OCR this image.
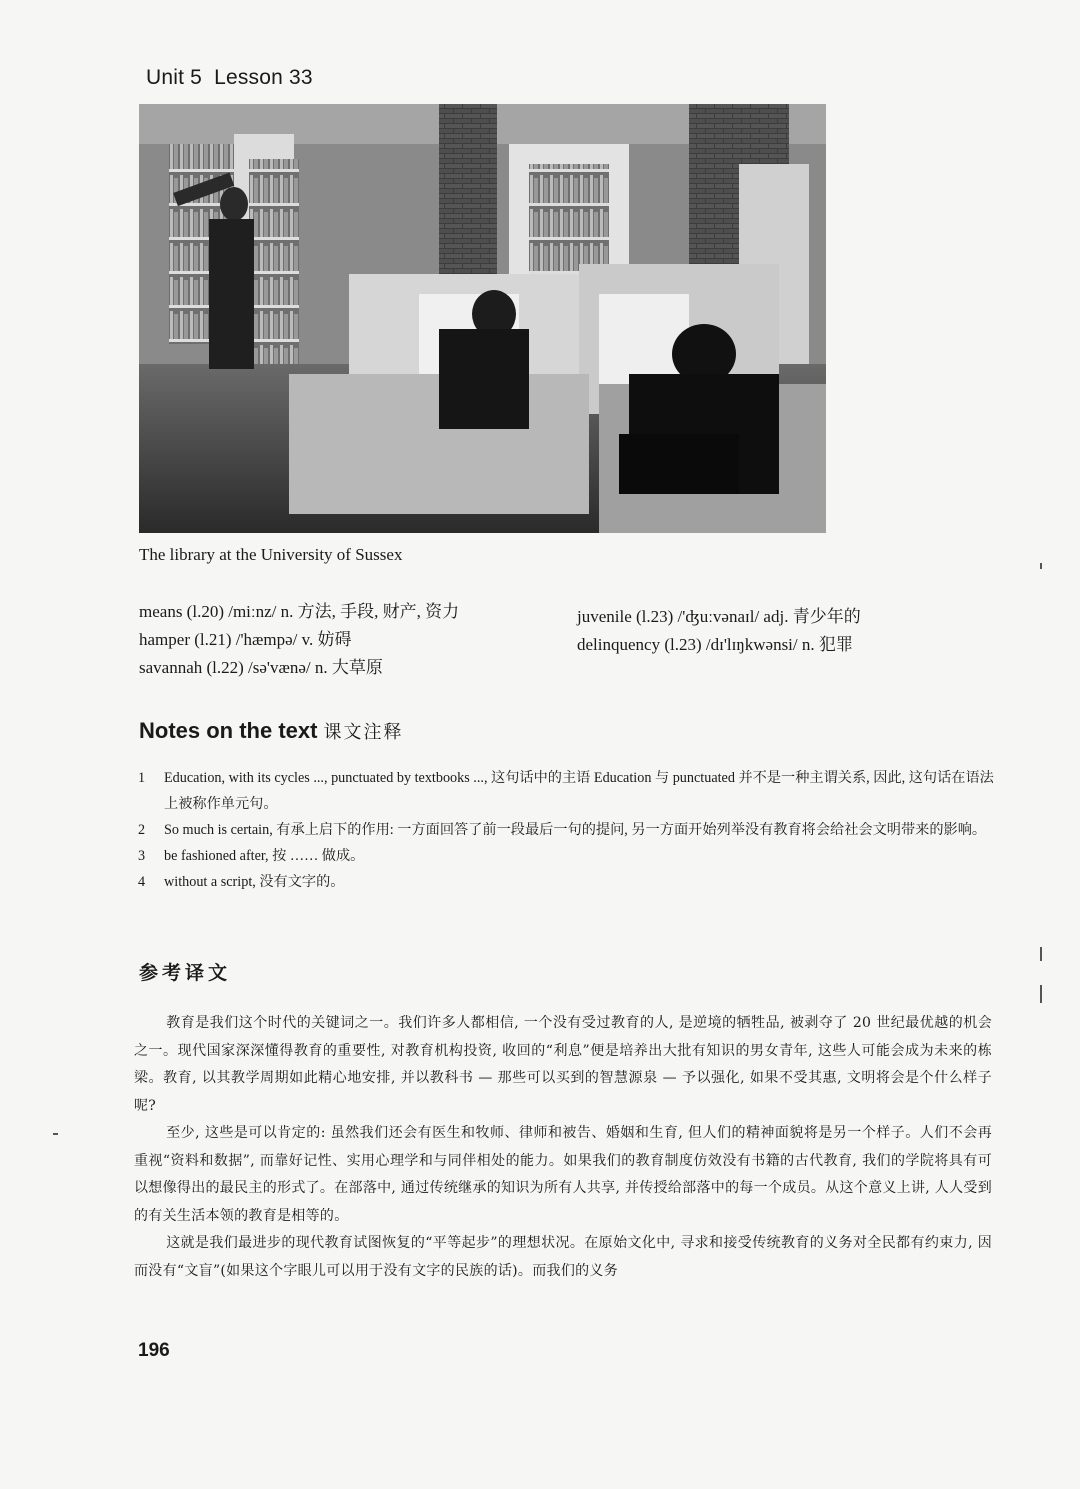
Unit 5 Lesson 33
The library at the University of Sussex
means (l.20) /miːnz/ n. 方法, 手段, 财产, 资力
hamper (l.21) /'hæmpə/ v. 妨碍
savannah (l.22) /sə'vænə/ n. 大草原
juvenile (l.23) /'ʤuːvənaɪl/ adj. 青少年的
delinquency (l.23) /dɪ'lɪŋkwənsi/ n. 犯罪
Notes on the text 课文注释
1	Education, with its cycles ..., punctuated by textbooks ..., 这句话中的主语 Education 与 punctuated 并不是一种主谓关系, 因此, 这句话在语法上被称作单元句。
2	So much is certain, 有承上启下的作用: 一方面回答了前一段最后一句的提问, 另一方面开始列举没有教育将会给社会文明带来的影响。
3	be fashioned after, 按 …… 做成。
4	without a script, 没有文字的。
参考译文

教育是我们这个时代的关键词之一。我们许多人都相信, 一个没有受过教育的人, 是逆境的牺牲品, 被剥夺了 20 世纪最优越的机会之一。现代国家深深懂得教育的重要性, 对教育机构投资, 收回的“利息”便是培养出大批有知识的男女青年, 这些人可能会成为未来的栋梁。教育, 以其教学周期如此精心地安排, 并以教科书 — 那些可以买到的智慧源泉 — 予以强化, 如果不受其惠, 文明将会是个什么样子呢?

至少, 这些是可以肯定的: 虽然我们还会有医生和牧师、律师和被告、婚姻和生育, 但人们的精神面貌将是另一个样子。人们不会再重视“资料和数据”, 而靠好记性、实用心理学和与同伴相处的能力。如果我们的教育制度仿效没有书籍的古代教育, 我们的学院将具有可以想像得出的最民主的形式了。在部落中, 通过传统继承的知识为所有人共享, 并传授给部落中的每一个成员。从这个意义上讲, 人人受到的有关生活本领的教育是相等的。

这就是我们最进步的现代教育试图恢复的“平等起步”的理想状况。在原始文化中, 寻求和接受传统教育的义务对全民都有约束力, 因而没有“文盲”(如果这个字眼儿可以用于没有文字的民族的话)。而我们的义务

196
